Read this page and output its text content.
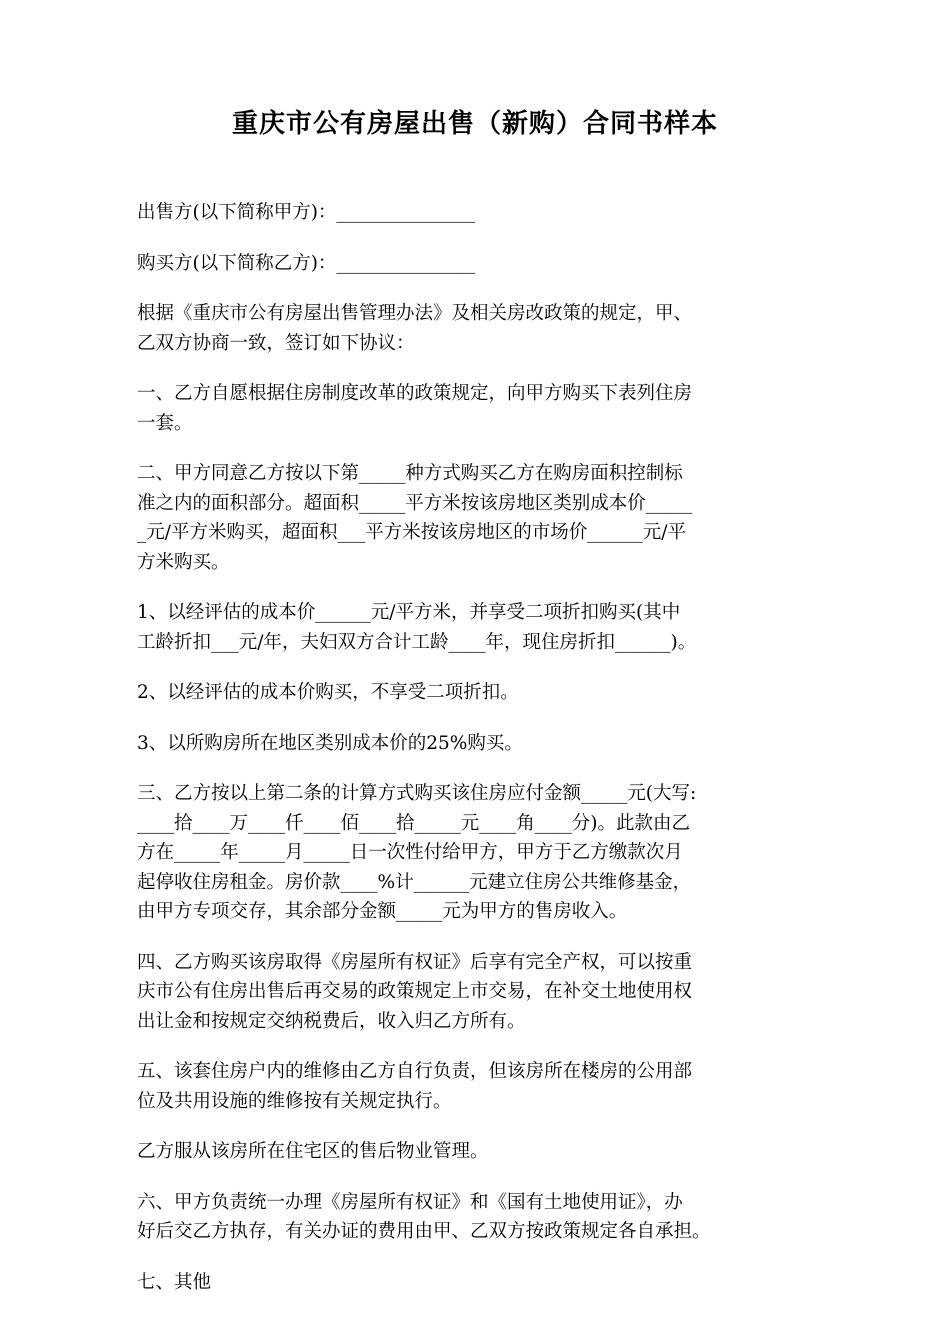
重庆市公有房屋出售（新购）合同书样本

出售方(以下简称甲方)：_______________

购买方(以下简称乙方)：_______________

根据《重庆市公有房屋出售管理办法》及相关房改政策的规定，甲、
乙双方协商一致，签订如下协议：

一、乙方自愿根据住房制度改革的政策规定，向甲方购买下表列住房
一套。

二、甲方同意乙方按以下第_____种方式购买乙方在购房面积控制标
准之内的面积部分。超面积_____平方米按该房地区类别成本价_____
_元/平方米购买，超面积___平方米按该房地区的市场价______元/平
方米购买。

1、以经评估的成本价______元/平方米，并享受二项折扣购买(其中
工龄折扣___元/年，夫妇双方合计工龄____年，现住房折扣______)。

2、以经评估的成本价购买，不享受二项折扣。

3、以所购房所在地区类别成本价的25%购买。

三、乙方按以上第二条的计算方式购买该住房应付金额_____元(大写:
____拾____万____仟____佰____拾_____元____角____分)。此款由乙
方在_____年_____月_____日一次性付给甲方，甲方于乙方缴款次月
起停收住房租金。房价款____%计______元建立住房公共维修基金，
由甲方专项交存，其余部分金额_____元为甲方的售房收入。

四、乙方购买该房取得《房屋所有权证》后享有完全产权，可以按重
庆市公有住房出售后再交易的政策规定上市交易，在补交土地使用权
出让金和按规定交纳税费后，收入归乙方所有。

五、该套住房户内的维修由乙方自行负责，但该房所在楼房的公用部
位及共用设施的维修按有关规定执行。

乙方服从该房所在住宅区的售后物业管理。

六、甲方负责统一办理《房屋所有权证》和《国有土地使用证》，办
好后交乙方执存，有关办证的费用由甲、乙双方按政策规定各自承担。

七、其他
